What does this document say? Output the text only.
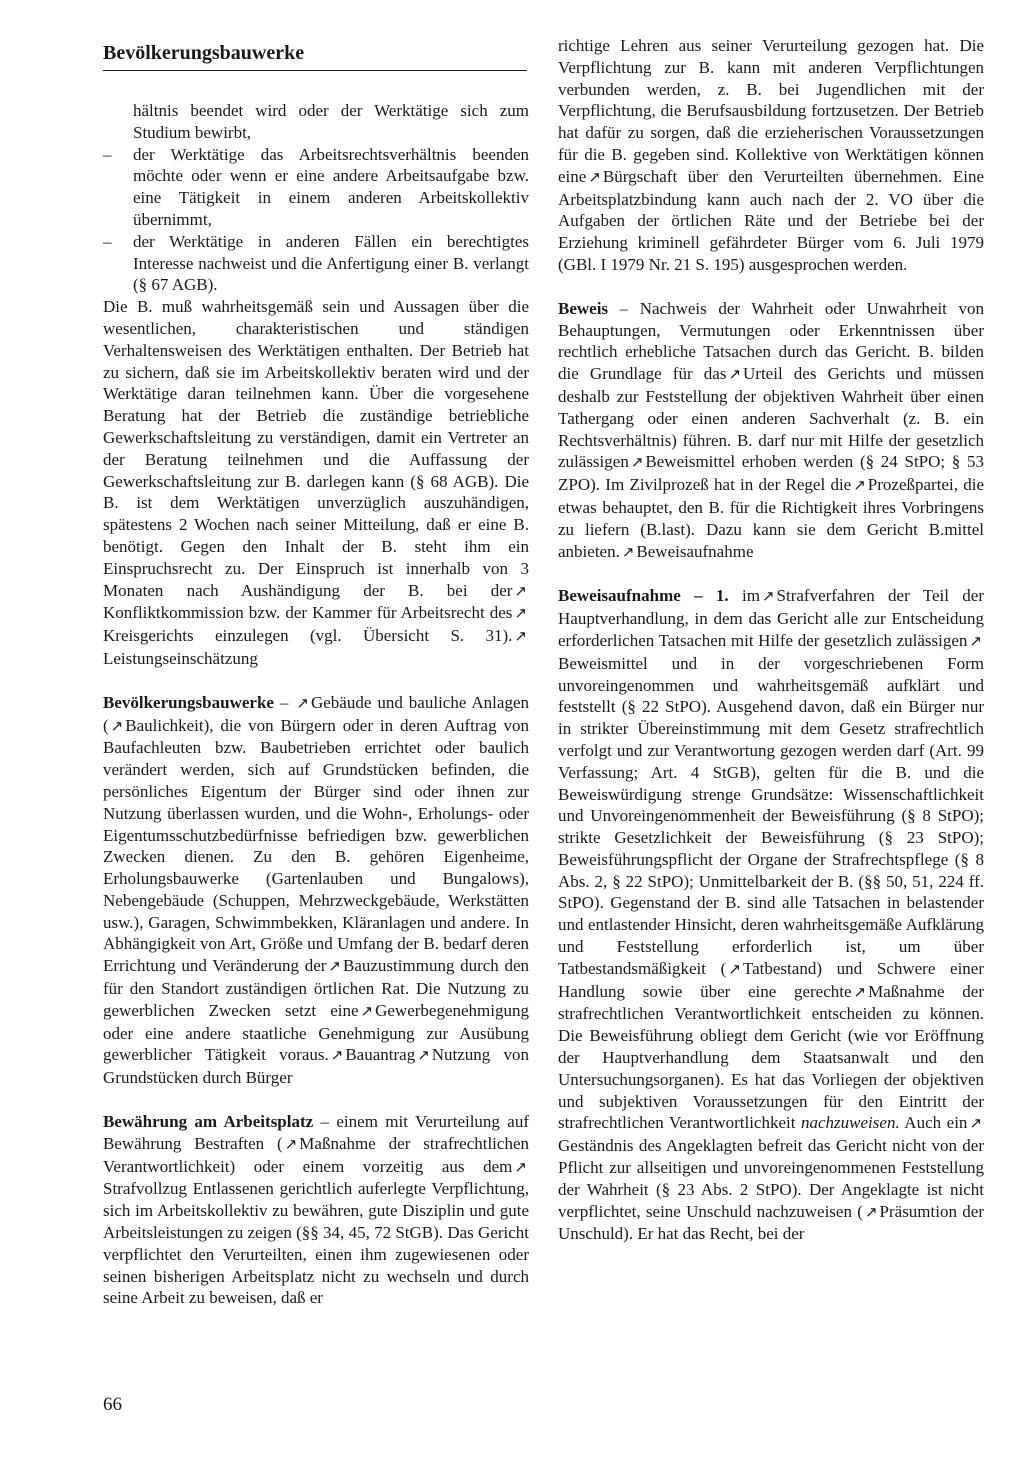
Bevölkerungsbauwerke

hältnis beendet wird oder der Werktätige sich zum Studium bewirbt,

– der Werktätige das Arbeitsrechtsverhältnis beenden möchte oder wenn er eine andere Arbeitsaufgabe bzw. eine Tätigkeit in einem anderen Arbeitskollektiv übernimmt,

– der Werktätige in anderen Fällen ein berechtigtes Interesse nachweist und die Anfertigung einer B. verlangt (§ 67 AGB).

Die B. muß wahrheitsgemäß sein und Aussagen über die wesentlichen, charakteristischen und ständigen Verhaltensweisen des Werktätigen enthalten. Der Betrieb hat zu sichern, daß sie im Arbeitskollektiv beraten wird und der Werktätige daran teilnehmen kann. Über die vorgesehene Beratung hat der Betrieb die zuständige betriebliche Gewerkschaftsleitung zu verständigen, damit ein Vertreter an der Beratung teilnehmen und die Auffassung der Gewerkschaftsleitung zur B. darlegen kann (§ 68 AGB). Die B. ist dem Werktätigen unverzüglich auszuhändigen, spätestens 2 Wochen nach seiner Mitteilung, daß er eine B. benötigt. Gegen den Inhalt der B. steht ihm ein Einspruchsrecht zu. Der Einspruch ist innerhalb von 3 Monaten nach Aushändigung der B. bei der ↗Konfliktkommission bzw. der Kammer für Arbeitsrecht des ↗Kreisgerichts einzulegen (vgl. Übersicht S. 31). ↗Leistungseinschätzung

Bevölkerungsbauwerke – ↗ Gebäude und bauliche Anlagen ( ↗ Baulichkeit), die von Bürgern oder in deren Auftrag von Baufachleuten bzw. Baubetrieben errichtet oder baulich verändert werden, sich auf Grundstücken befinden, die persönliches Eigentum der Bürger sind oder ihnen zur Nutzung überlassen wurden, und die Wohn-, Erholungs- oder Eigentumsschutzbedürfnisse befriedigen bzw. gewerblichen Zwecken dienen. Zu den B. gehören Eigenheime, Erholungsbauwerke (Gartenlauben und Bungalows), Nebengebäude (Schuppen, Mehrzweckgebäude, Werkstätten usw.), Garagen, Schwimmbekken, Kläranlagen und andere. In Abhängigkeit von Art, Größe und Umfang der B. bedarf deren Errichtung und Veränderung der ↗ Bauzustimmung durch den für den Standort zuständigen örtlichen Rat. Die Nutzung zu gewerblichen Zwecken setzt eine ↗ Gewerbegenehmigung oder eine andere staatliche Genehmigung zur Ausübung gewerblicher Tätigkeit voraus. ↗ Bauantrag ↗ Nutzung von Grundstücken durch Bürger

Bewährung am Arbeitsplatz – einem mit Verurteilung auf Bewährung Bestraften ( ↗ Maßnahme der strafrechtlichen Verantwortlichkeit) oder einem vorzeitig aus dem ↗Strafvollzug Entlassenen gerichtlich auferlegte Verpflichtung, sich im Arbeitskollektiv zu bewähren, gute Disziplin und gute Arbeitsleistungen zu zeigen (§§ 34, 45, 72 StGB). Das Gericht verpflichtet den Verurteilten, einen ihm zugewiesenen oder seinen bisherigen Arbeitsplatz nicht zu wechseln und durch seine Arbeit zu beweisen, daß er

richtige Lehren aus seiner Verurteilung gezogen hat. Die Verpflichtung zur B. kann mit anderen Verpflichtungen verbunden werden, z. B. bei Jugendlichen mit der Verpflichtung, die Berufsausbildung fortzusetzen. Der Betrieb hat dafür zu sorgen, daß die erzieherischen Voraussetzungen für die B. gegeben sind. Kollektive von Werktätigen können eine ↗ Bürgschaft über den Verurteilten übernehmen. Eine Arbeitsplatzbindung kann auch nach der 2. VO über die Aufgaben der örtlichen Räte und der Betriebe bei der Erziehung kriminell gefährdeter Bürger vom 6. Juli 1979 (GBl. I 1979 Nr. 21 S. 195) ausgesprochen werden.

Beweis – Nachweis der Wahrheit oder Unwahrheit von Behauptungen, Vermutungen oder Erkenntnissen über rechtlich erhebliche Tatsachen durch das Gericht. B. bilden die Grundlage für das ↗ Urteil des Gerichts und müssen deshalb zur Feststellung der objektiven Wahrheit über einen Tathergang oder einen anderen Sachverhalt (z. B. ein Rechtsverhältnis) führen. B. darf nur mit Hilfe der gesetzlich zulässigen ↗ Beweismittel erhoben werden (§ 24 StPO; § 53 ZPO). Im Zivilprozeß hat in der Regel die ↗ Prozeßpartei, die etwas behauptet, den B. für die Richtigkeit ihres Vorbringens zu liefern (B.last). Dazu kann sie dem Gericht B.mittel anbieten. ↗ Beweisaufnahme

Beweisaufnahme – 1. im ↗ Strafverfahren der Teil der Hauptverhandlung, in dem das Gericht alle zur Entscheidung erforderlichen Tatsachen mit Hilfe der gesetzlich zulässigen ↗Beweismittel und in der vorgeschriebenen Form unvoreingenommen und wahrheitsgemäß aufklärt und feststellt (§ 22 StPO). Ausgehend davon, daß ein Bürger nur in strikter Übereinstimmung mit dem Gesetz strafrechtlich verfolgt und zur Verantwortung gezogen werden darf (Art. 99 Verfassung; Art. 4 StGB), gelten für die B. und die Beweiswürdigung strenge Grundsätze: Wissenschaftlichkeit und Unvoreingenommenheit der Beweisführung (§ 8 StPO); strikte Gesetzlichkeit der Beweisführung (§ 23 StPO); Beweisführungspflicht der Organe der Strafrechtspflege (§ 8 Abs. 2, § 22 StPO); Unmittelbarkeit der B. (§§ 50, 51, 224 ff. StPO). Gegenstand der B. sind alle Tatsachen in belastender und entlastender Hinsicht, deren wahrheitsgemäße Aufklärung und Feststellung erforderlich ist, um über Tatbestandsmäßigkeit ( ↗ Tatbestand) und Schwere einer Handlung sowie über eine gerechte ↗ Maßnahme der strafrechtlichen Verantwortlichkeit entscheiden zu können. Die Beweisführung obliegt dem Gericht (wie vor Eröffnung der Hauptverhandlung dem Staatsanwalt und den Untersuchungsorganen). Es hat das Vorliegen der objektiven und subjektiven Voraussetzungen für den Eintritt der strafrechtlichen Verantwortlichkeit nachzuweisen. Auch ein ↗Geständnis des Angeklagten befreit das Gericht nicht von der Pflicht zur allseitigen und unvoreingenommenen Feststellung der Wahrheit (§ 23 Abs. 2 StPO). Der Angeklagte ist nicht verpflichtet, seine Unschuld nachzuweisen ( ↗ Präsumtion der Unschuld). Er hat das Recht, bei der

66
